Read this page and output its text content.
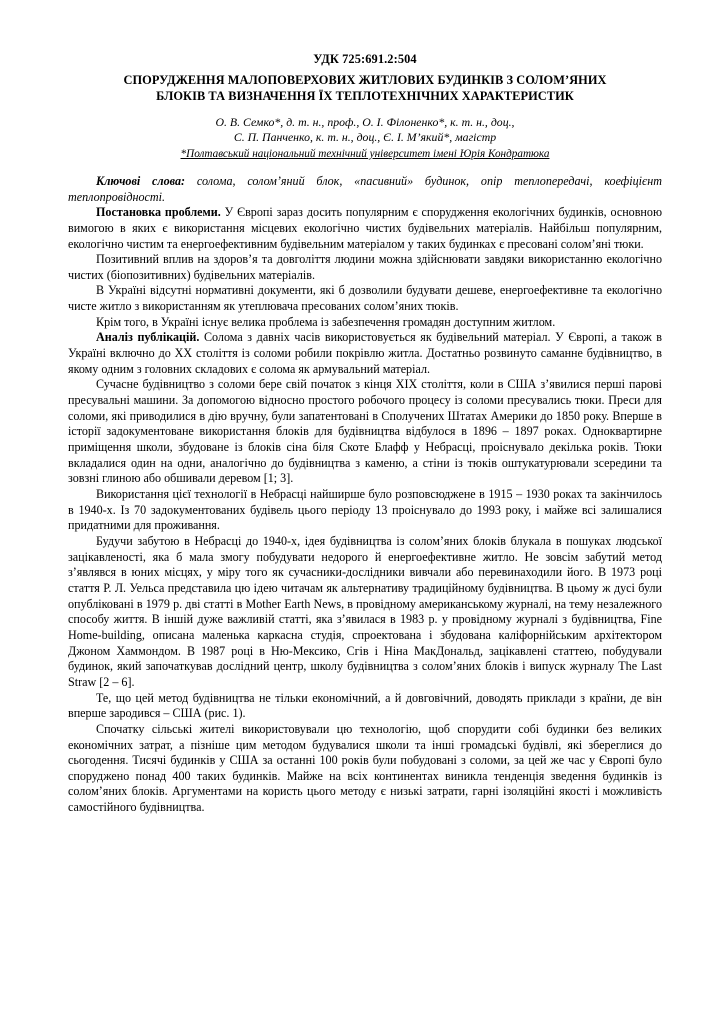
УДК 725:691.2:504
СПОРУДЖЕННЯ МАЛОПОВЕРХОВИХ ЖИТЛОВИХ БУДИНКІВ З СОЛОМ’ЯНИХ
БЛОКІВ ТА ВИЗНАЧЕННЯ ЇХ ТЕПЛОТЕХНІЧНИХ ХАРАКТЕРИСТИК
О. В. Семко*, д. т. н., проф., О. І. Філоненко*, к. т. н., доц.,
С. П. Панченко, к. т. н., доц., Є. І. М’який*, магістр
*Полтавський національний технічний університет імені Юрія Кондратюка

Ключові слова: солома, солом’яний блок, «пасивний» будинок, опір теплопередачі, коефіцієнт теплопровідності.

Постановка проблеми. У Європі зараз досить популярним є спорудження екологічних будинків, основною вимогою в яких є використання місцевих екологічно чистих будівельних матеріалів. Найбільш популярним, екологічно чистим та енергоефективним будівельним матеріалом у таких будинках є пресовані солом’яні тюки.

Позитивний вплив на здоров’я та довголіття людини можна здійснювати завдяки використанню екологічно чистих (біопозитивних) будівельних матеріалів.

В Україні відсутні нормативні документи, які б дозволили будувати дешеве, енергоефективне та екологічно чисте житло з використанням як утеплювача пресованих солом’яних тюків.

Крім того, в Україні існує велика проблема із забезпечення громадян доступним житлом.

Аналіз публікацій. Солома з давніх часів використовується як будівельний матеріал. У Європі, а також в Україні включно до ХХ століття із соломи робили покрівлю житла. Достатньо розвинуто саманне будівництво, в якому одним з головних складових є солома як армувальний матеріал.

Сучасне будівництво з соломи бере свій початок з кінця ХІХ століття, коли в США з’явилися перші парові пресувальні машини. За допомогою відносно простого робочого процесу із соломи пресувались тюки. Преси для соломи, які приводилися в дію вручну, були запатентовані в Сполучених Штатах Америки до 1850 року. Вперше в історії задокументоване використання блоків для будівництва відбулося в 1896 – 1897 роках. Одноквартирне приміщення школи, збудоване із блоків сіна біля Скоте Блафф у Небрасці, проіснувало декілька років. Тюки вкладалися один на одни, аналогічно до будівництва з каменю, а стіни із тюків оштукатурювали зсередини та зовзні глиною або обшивали деревом [1; 3].

Використання цієї технології в Небрасці найширше було розповсюджене в 1915 – 1930 роках та закінчилось в 1940-х. Із 70 задокументованих будівель цього періоду 13 проіснувало до 1993 року, і майже всі залишалися придатними для проживання.

Будучи забутою в Небрасці до 1940-х, ідея будівництва із солом’яних блоків блукала в пошуках людської зацікавленості, яка б мала змогу побудувати недорого й енергоефективне житло. Не зовсім забутий метод з’являвся в юних місцях, у міру того як сучасники-дослідники вивчали або перевинаходили його. В 1973 році стаття Р. Л. Уельса представила цю ідею читачам як альтернативу традиційному будівництва. В цьому ж дусі були опубліковані в 1979 р. дві статті в Mother Earth News, в провідному американському журналі, на тему незалежного способу життя. В іншій дуже важливій статті, яка з’явилася в 1983 р. у провідному журналі з будівництва, Fine Home-building, описана маленька каркасна студія, спроектована і збудована каліфорнійським архітектором Джоном Хаммондом. В 1987 році в Ню-Мексико, Сгів і Ніна МакДональд, зацікавлені статтею, побудували будинок, який започаткував дослідний центр, школу будівництва з солом’яних блоків і випуск журналу The Last Straw [2 – 6].

Те, що цей метод будівництва не тільки економічний, а й довговічний, доводять приклади з країни, де він вперше зародився – США (рис. 1).

Спочатку сільські жителі використовували цю технологію, щоб спорудити собі будинки без великих економічних затрат, а пізніше цим методом будувалися школи та інші громадські будівлі, які збереглися до сьогодення. Тисячі будинків у США за останні 100 років були побудовані з соломи, за цей же час у Європі було споруджено понад 400 таких будинків. Майже на всіх континентах виникла тенденція зведення будинків із солом’яних блоків. Аргументами на користь цього методу є низькі затрати, гарні ізоляційні якості і можливість самостійного будівництва.
